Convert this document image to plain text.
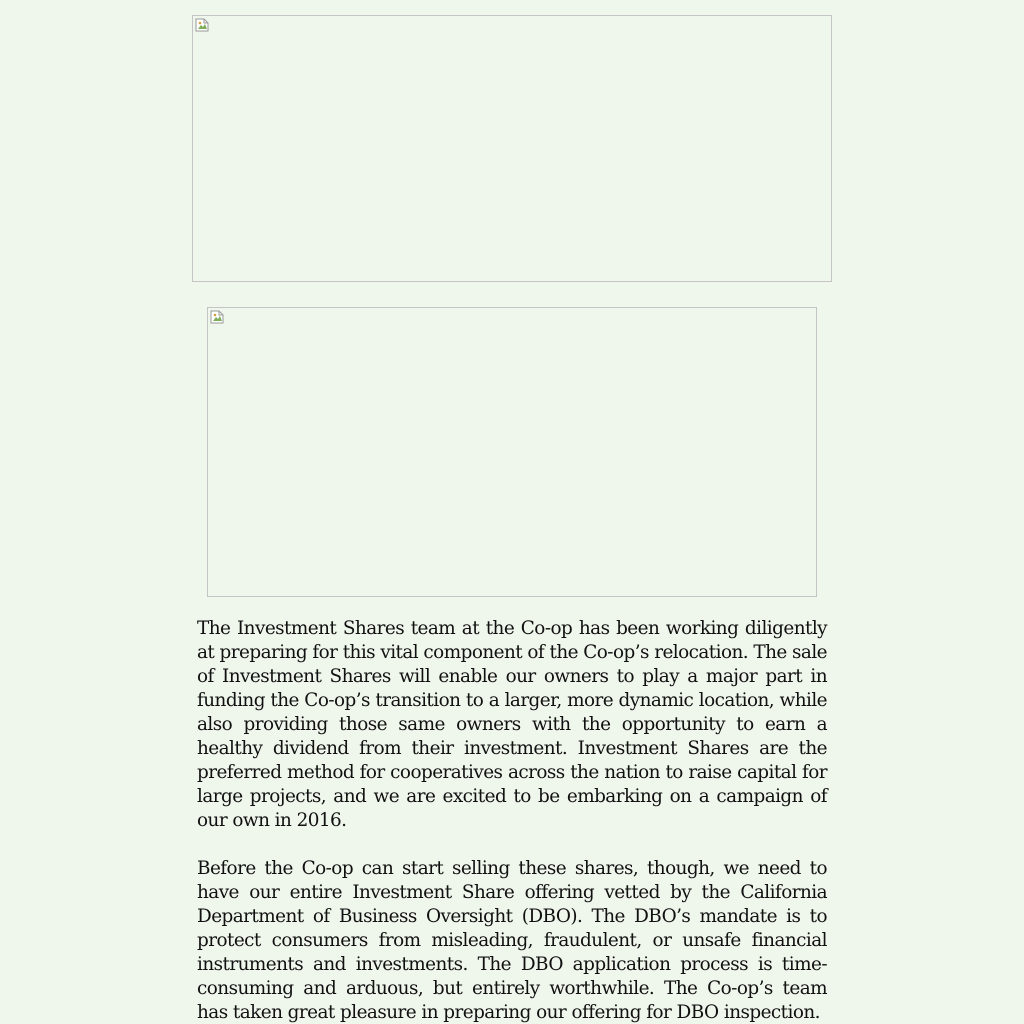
The Investment Shares team at the Co-op has been working diligently at preparing for this vital component of the Co-op’s relocation. The sale of Investment Shares will enable our owners to play a major part in funding the Co-op’s transition to a larger, more dynamic location, while also providing those same owners with the opportunity to earn a healthy dividend from their investment. Investment Shares are the preferred method for cooperatives across the nation to raise capital for large projects, and we are excited to be embarking on a campaign of our own in 2016.

Before the Co-op can start selling these shares, though, we need to have our entire Investment Share offering vetted by the California Department of Business Oversight (DBO). The DBO’s mandate is to protect consumers from misleading, fraudulent, or unsafe financial instruments and investments. The DBO application process is time-consuming and arduous, but entirely worthwhile. The Co-op’s team has taken great pleasure in preparing our offering for DBO inspection.
